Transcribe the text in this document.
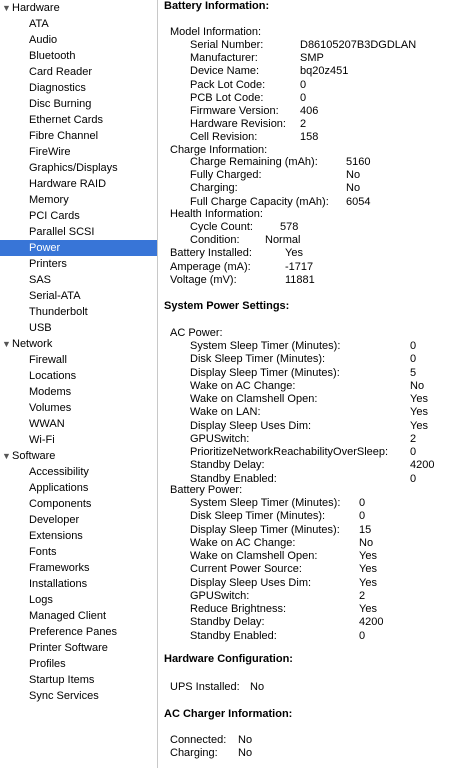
▼ Hardware
ATA
Audio
Bluetooth
Card Reader
Diagnostics
Disc Burning
Ethernet Cards
Fibre Channel
FireWire
Graphics/Displays
Hardware RAID
Memory
PCI Cards
Parallel SCSI
Power
Printers
SAS
Serial-ATA
Thunderbolt
USB
▼ Network
Firewall
Locations
Modems
Volumes
WWAN
Wi-Fi
▼ Software
Accessibility
Applications
Components
Developer
Extensions
Fonts
Frameworks
Installations
Logs
Managed Client
Preference Panes
Printer Software
Profiles
Startup Items
Sync Services
Battery Information:
Model Information:
Serial Number:	D86105207B3DGDLAN
Manufacturer:	SMP
Device Name:	bq20z451
Pack Lot Code:	0
PCB Lot Code:	0
Firmware Version: 406
Hardware Revision: 2
Cell Revision:	158
Charge Information:
Charge Remaining (mAh):	5160
Fully Charged:	No
Charging:	No
Full Charge Capacity (mAh): 6054
Health Information:
Cycle Count: 578
Condition: Normal
Battery Installed:	Yes
Amperage (mA):	-1717
Voltage (mV):	11881
System Power Settings:
AC Power:
System Sleep Timer (Minutes):	0
Disk Sleep Timer (Minutes):	0
Display Sleep Timer (Minutes):	5
Wake on AC Change:	No
Wake on Clamshell Open:	Yes
Wake on LAN:	Yes
Display Sleep Uses Dim:	Yes
GPUSwitch:	2
PrioritizeNetworkReachabilityOverSleep: 0
Standby Delay:	4200
Standby Enabled:	0
Battery Power:
System Sleep Timer (Minutes): 0
Disk Sleep Timer (Minutes):	0
Display Sleep Timer (Minutes): 15
Wake on AC Change:	No
Wake on Clamshell Open:	Yes
Current Power Source:	Yes
Display Sleep Uses Dim:	Yes
GPUSwitch:	2
Reduce Brightness:	Yes
Standby Delay:	4200
Standby Enabled:	0
Hardware Configuration:
UPS Installed: No
AC Charger Information:
Connected: No
Charging: No
